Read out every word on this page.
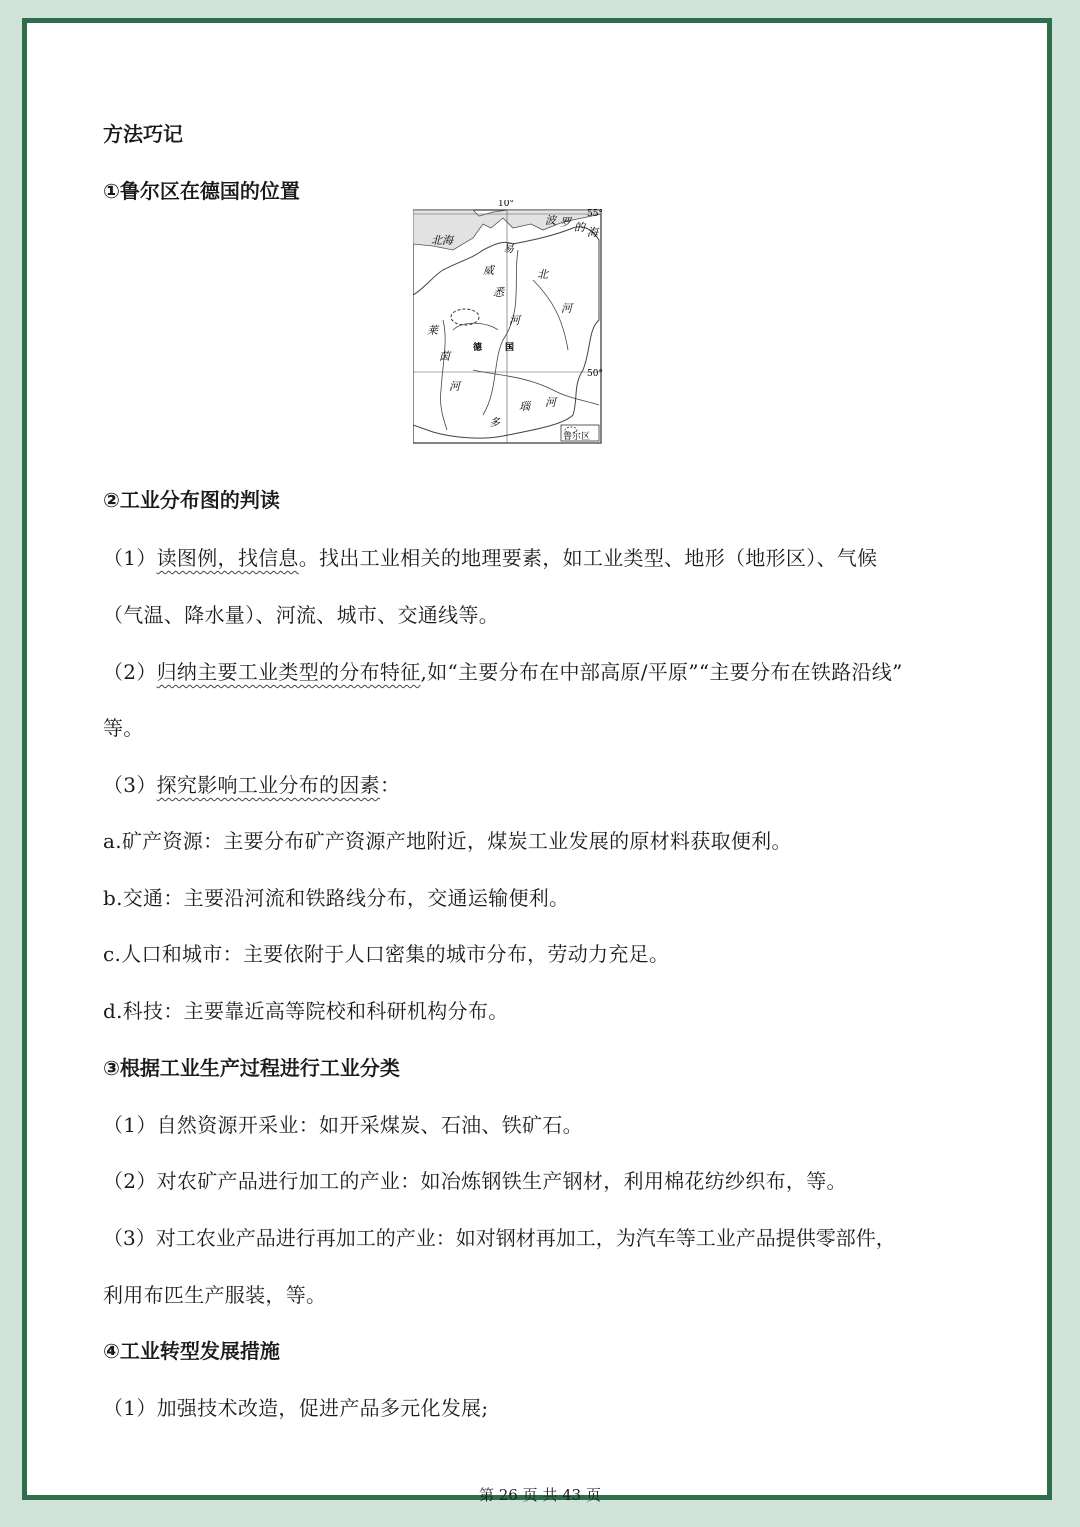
方法巧记
①鲁尔区在德国的位置
10°
55°
50°
北海
波 罗 的 海
易
威	北
悉
河
河
莱
茵
德	国
河
多
瑙 河
鲁尔区
②工业分布图的判读
（1）读图例，找信息。找出工业相关的地理要素，如工业类型、地形（地形区）、气候
（气温、降水量）、河流、城市、交通线等。
（2）归纳主要工业类型的分布特征,如“主要分布在中部高原/平原”“主要分布在铁路沿线”
等。
（3）探究影响工业分布的因素：
a.矿产资源：主要分布矿产资源产地附近，煤炭工业发展的原材料获取便利。
b.交通：主要沿河流和铁路线分布，交通运输便利。
c.人口和城市：主要依附于人口密集的城市分布，劳动力充足。
d.科技：主要靠近高等院校和科研机构分布。
③根据工业生产过程进行工业分类
（1）自然资源开采业：如开采煤炭、石油、铁矿石。
（2）对农矿产品进行加工的产业：如冶炼钢铁生产钢材，利用棉花纺纱织布，等。
（3）对工农业产品进行再加工的产业：如对钢材再加工，为汽车等工业产品提供零部件，
利用布匹生产服装，等。
④工业转型发展措施
（1）加强技术改造，促进产品多元化发展;
第 26 页 共 43 页
